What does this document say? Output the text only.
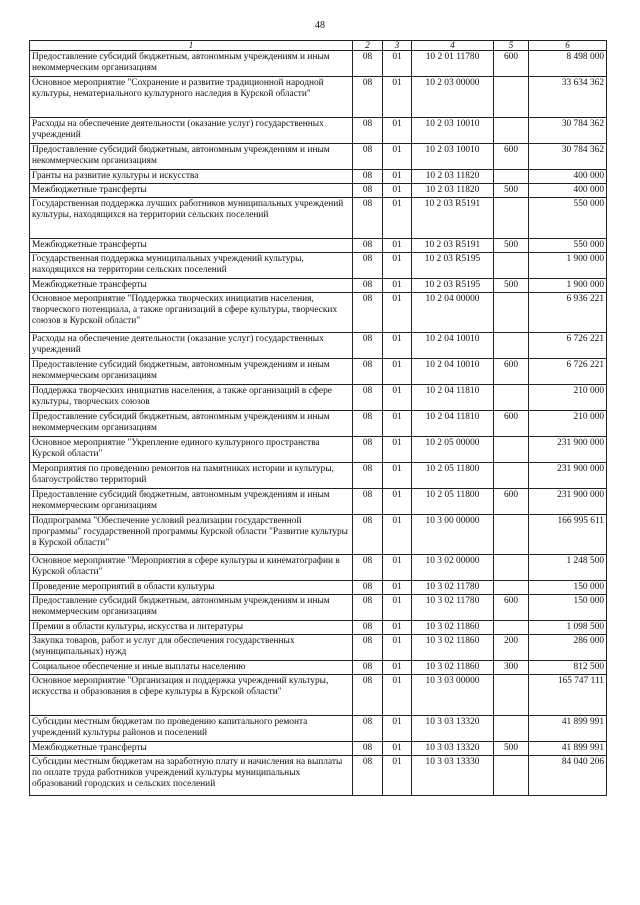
48
1	2	3	4	5	6
Предоставление субсидий бюджетным, автономным учреждениям и иным некоммерческим организациям	08	01	10 2 01 11780	600	8 498 000
Основное мероприятие "Сохранение и развитие традиционной народной культуры, нематериального культурного наследия в Курской области"	08	01	10 2 03 00000		33 634 362
Расходы на обеспечение деятельности (оказание услуг) государственных учреждений	08	01	10 2 03 10010		30 784 362
Предоставление субсидий бюджетным, автономным учреждениям и иным некоммерческим организациям	08	01	10 2 03 10010	600	30 784 362
Гранты на развитие культуры и искусства	08	01	10 2 03 11820		400 000
Межбюджетные трансферты	08	01	10 2 03 11820	500	400 000
Государственная поддержка лучших работников муниципальных учреждений культуры, находящихся на территории сельских поселений	08	01	10 2 03 R5191		550 000
Межбюджетные трансферты	08	01	10 2 03 R5191	500	550 000
Государственная поддержка муниципальных учреждений культуры, находящихся на территории сельских поселений	08	01	10 2 03 R5195		1 900 000
Межбюджетные трансферты	08	01	10 2 03 R5195	500	1 900 000
Основное мероприятие "Поддержка творческих инициатив населения, творческого потенциала, а также организаций в сфере культуры, творческих союзов в Курской области"	08	01	10 2 04 00000		6 936 221
Расходы на обеспечение деятельности (оказание услуг) государственных учреждений	08	01	10 2 04 10010		6 726 221
Предоставление субсидий бюджетным, автономным учреждениям и иным некоммерческим организациям	08	01	10 2 04 10010	600	6 726 221
Поддержка творческих инициатив населения, а также организаций в сфере культуры, творческих союзов	08	01	10 2 04 11810		210 000
Предоставление субсидий бюджетным, автономным учреждениям и иным некоммерческим организациям	08	01	10 2 04 11810	600	210 000
Основное мероприятие "Укрепление единого культурного пространства Курской области"	08	01	10 2 05 00000		231 900 000
Мероприятия по проведению ремонтов на памятниках истории и культуры, благоустройство территорий	08	01	10 2 05 11800		231 900 000
Предоставление субсидий бюджетным, автономным учреждениям и иным некоммерческим организациям	08	01	10 2 05 11800	600	231 900 000
Подпрограмма "Обеспечение условий реализации государственной программы" государственной программы Курской области "Развитие культуры в Курской области"	08	01	10 3 00 00000		166 995 611
Основное мероприятие "Мероприятия в сфере культуры и кинематографии в Курской области"	08	01	10 3 02 00000		1 248 500
Проведение мероприятий в области культуры	08	01	10 3 02 11780		150 000
Предоставление субсидий бюджетным, автономным учреждениям и иным некоммерческим организациям	08	01	10 3 02 11780	600	150 000
Премии в области культуры, искусства и литературы	08	01	10 3 02 11860		1 098 500
Закупка товаров, работ и услуг для обеспечения государственных (муниципальных) нужд	08	01	10 3 02 11860	200	286 000
Социальное обеспечение и иные выплаты населению	08	01	10 3 02 11860	300	812 500
Основное мероприятие "Организация и поддержка учреждений культуры, искусства и образования в сфере культуры в Курской области"	08	01	10 3 03 00000		165 747 111
Субсидии местным бюджетам по проведению капитального ремонта учреждений культуры районов и поселений	08	01	10 3 03 13320		41 899 991
Межбюджетные трансферты	08	01	10 3 03 13320	500	41 899 991
Субсидии местным бюджетам на заработную плату и начисления на выплаты по оплате труда работников учреждений культуры муниципальных образований городских и сельских поселений	08	01	10 3 03 13330		84 040 206
